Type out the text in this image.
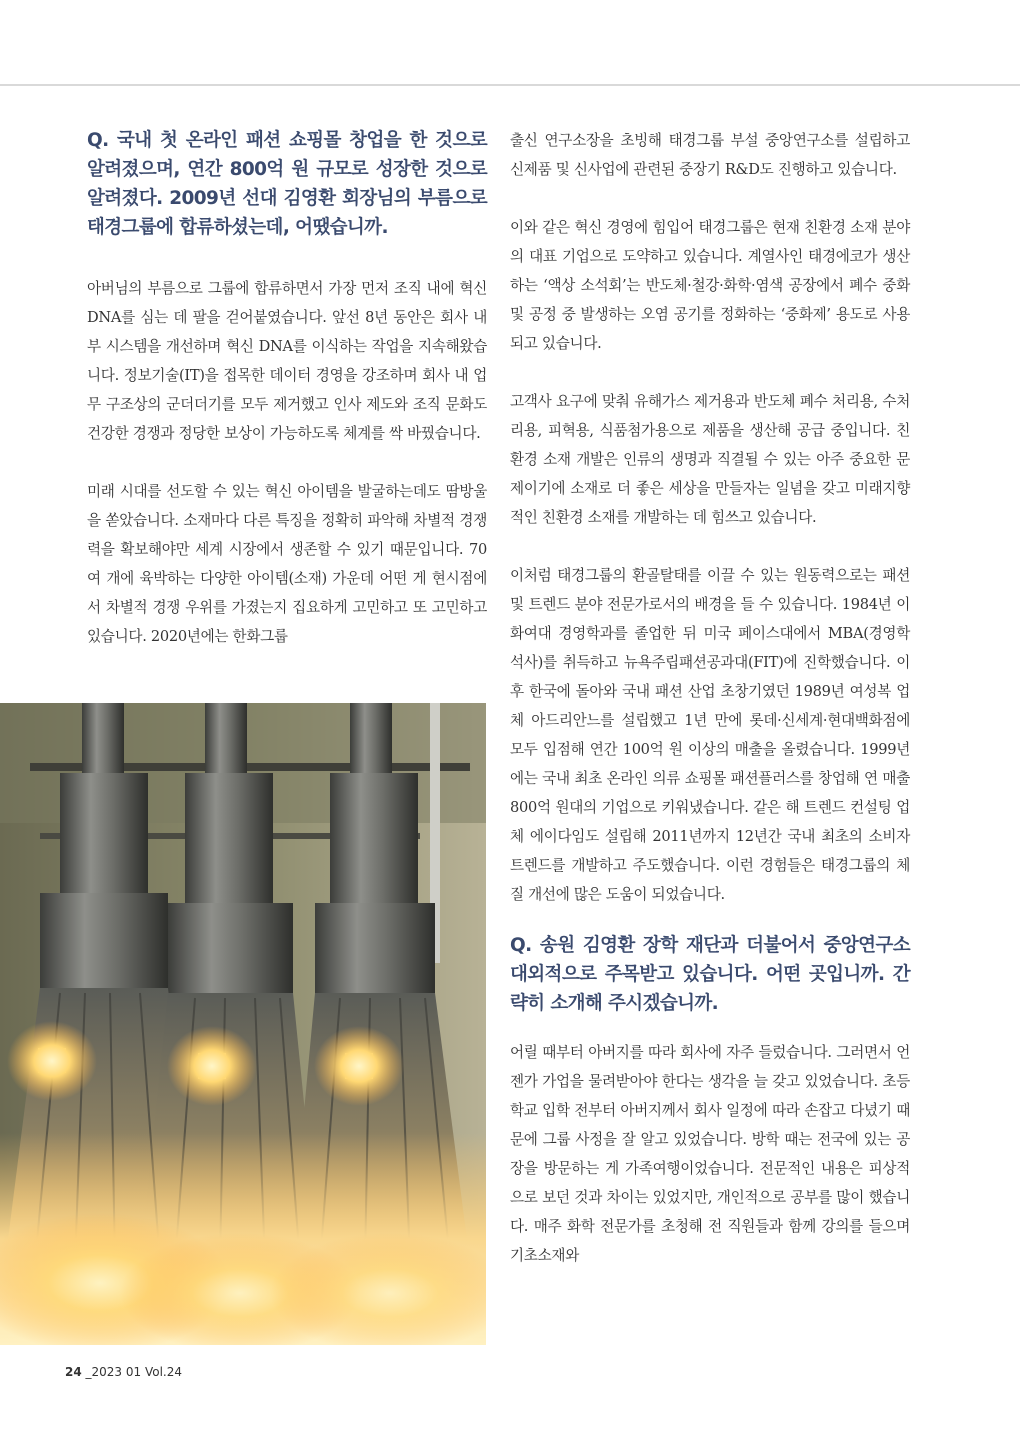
Q. 국내 첫 온라인 패션 쇼핑몰 창업을 한 것으로 알려졌으며, 연간 800억 원 규모로 성장한 것으로 알려졌다. 2009년 선대 김영환 회장님의 부름으로 태경그룹에 합류하셨는데, 어땠습니까.

아버님의 부름으로 그룹에 합류하면서 가장 먼저 조직 내에 혁신 DNA를 심는 데 팔을 걷어붙였습니다. 앞선 8년 동안은 회사 내부 시스템을 개선하며 혁신 DNA를 이식하는 작업을 지속해왔습니다. 정보기술(IT)을 접목한 데이터 경영을 강조하며 회사 내 업무 구조상의 군더더기를 모두 제거했고 인사 제도와 조직 문화도 건강한 경쟁과 정당한 보상이 가능하도록 체계를 싹 바꿨습니다.

미래 시대를 선도할 수 있는 혁신 아이템을 발굴하는데도 땀방울을 쏟았습니다. 소재마다 다른 특징을 정확히 파악해 차별적 경쟁력을 확보해야만 세계 시장에서 생존할 수 있기 때문입니다. 70여 개에 육박하는 다양한 아이템(소재) 가운데 어떤 게 현시점에서 차별적 경쟁 우위를 가졌는지 집요하게 고민하고 또 고민하고 있습니다. 2020년에는 한화그룹

출신 연구소장을 초빙해 태경그룹 부설 중앙연구소를 설립하고 신제품 및 신사업에 관련된 중장기 R&D도 진행하고 있습니다.

이와 같은 혁신 경영에 힘입어 태경그룹은 현재 친환경 소재 분야의 대표 기업으로 도약하고 있습니다. 계열사인 태경에코가 생산하는 ‘액상 소석회’는 반도체·철강·화학·염색 공장에서 폐수 중화 및 공정 중 발생하는 오염 공기를 정화하는 ‘중화제’ 용도로 사용되고 있습니다.

고객사 요구에 맞춰 유해가스 제거용과 반도체 폐수 처리용, 수처리용, 피혁용, 식품첨가용으로 제품을 생산해 공급 중입니다. 친환경 소재 개발은 인류의 생명과 직결될 수 있는 아주 중요한 문제이기에 소재로 더 좋은 세상을 만들자는 일념을 갖고 미래지향적인 친환경 소재를 개발하는 데 힘쓰고 있습니다.

이처럼 태경그룹의 환골탈태를 이끌 수 있는 원동력으로는 패션 및 트렌드 분야 전문가로서의 배경을 들 수 있습니다. 1984년 이화여대 경영학과를 졸업한 뒤 미국 페이스대에서 MBA(경영학 석사)를 취득하고 뉴욕주립패션공과대(FIT)에 진학했습니다. 이후 한국에 돌아와 국내 패션 산업 초창기였던 1989년 여성복 업체 아드리안느를 설립했고 1년 만에 롯데·신세계·현대백화점에 모두 입점해 연간 100억 원 이상의 매출을 올렸습니다. 1999년에는 국내 최초 온라인 의류 쇼핑몰 패션플러스를 창업해 연 매출 800억 원대의 기업으로 키워냈습니다. 같은 해 트렌드 컨설팅 업체 에이다임도 설립해 2011년까지 12년간 국내 최초의 소비자 트렌드를 개발하고 주도했습니다. 이런 경험들은 태경그룹의 체질 개선에 많은 도움이 되었습니다.

Q. 송원 김영환 장학 재단과 더불어서 중앙연구소 대외적으로 주목받고 있습니다. 어떤 곳입니까. 간략히 소개해 주시겠습니까.

어릴 때부터 아버지를 따라 회사에 자주 들렀습니다. 그러면서 언젠가 가업을 물려받아야 한다는 생각을 늘 갖고 있었습니다. 초등학교 입학 전부터 아버지께서 회사 일정에 따라 손잡고 다녔기 때문에 그룹 사정을 잘 알고 있었습니다. 방학 때는 전국에 있는 공장을 방문하는 게 가족여행이었습니다. 전문적인 내용은 피상적으로 보던 것과 차이는 있었지만, 개인적으로 공부를 많이 했습니다. 매주 화학 전문가를 초청해 전 직원들과 함께 강의를 들으며 기초소재와

24 _2023 01 Vol.24
